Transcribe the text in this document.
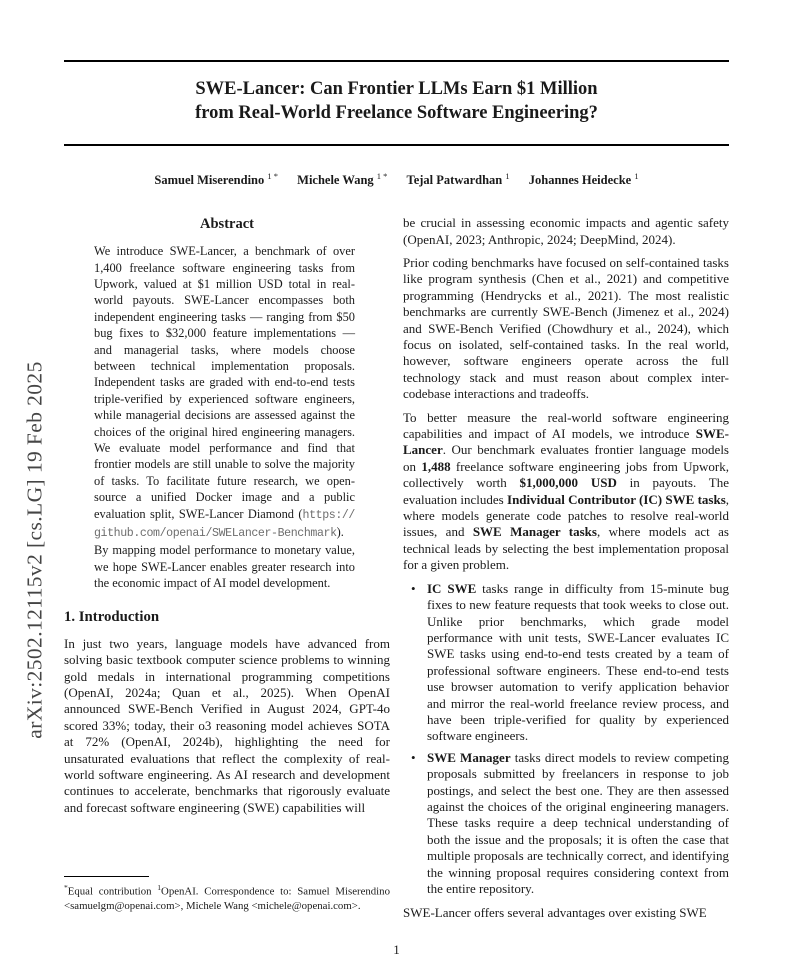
arXiv:2502.12115v2 [cs.LG] 19 Feb 2025
SWE-Lancer: Can Frontier LLMs Earn $1 Million
from Real-World Freelance Software Engineering?
Samuel Miserendino $^{1 *}$ Michele Wang $^{1 *}$ Tejal Patwardhan $^1$ Johannes Heidecke $^1$
Abstract

We introduce SWE-Lancer, a benchmark of over 1,400 freelance software engineering tasks from Upwork, valued at $1 million USD total in real-world payouts. SWE-Lancer encompasses both independent engineering tasks — ranging from $50 bug fixes to $32,000 feature implementations — and managerial tasks, where models choose between technical implementation proposals. Independent tasks are graded with end-to-end tests triple-verified by experienced software engineers, while managerial decisions are assessed against the choices of the original hired engineering managers. We evaluate model performance and find that frontier models are still unable to solve the majority of tasks. To facilitate future research, we open-source a unified Docker image and a public evaluation split, SWE-Lancer Diamond (https://github.com/openai/SWELancer-Benchmark). By mapping model performance to monetary value, we hope SWE-Lancer enables greater research into the economic impact of AI model development.

1. Introduction

In just two years, language models have advanced from solving basic textbook computer science problems to winning gold medals in international programming competitions (OpenAI, 2024a; Quan et al., 2025). When OpenAI announced SWE-Bench Verified in August 2024, GPT-4o scored 33%; today, their o3 reasoning model achieves SOTA at 72% (OpenAI, 2024b), highlighting the need for unsaturated evaluations that reflect the complexity of real-world software engineering. As AI research and development continues to accelerate, benchmarks that rigorously evaluate and forecast software engineering (SWE) capabilities will

*Equal contribution $^1$OpenAI. Correspondence to: Samuel Miserendino <samuelgm@openai.com>, Michele Wang <michele@openai.com>.

be crucial in assessing economic impacts and agentic safety (OpenAI, 2023; Anthropic, 2024; DeepMind, 2024).

Prior coding benchmarks have focused on self-contained tasks like program synthesis (Chen et al., 2021) and competitive programming (Hendrycks et al., 2021). The most realistic benchmarks are currently SWE-Bench (Jimenez et al., 2024) and SWE-Bench Verified (Chowdhury et al., 2024), which focus on isolated, self-contained tasks. In the real world, however, software engineers operate across the full technology stack and must reason about complex inter-codebase interactions and tradeoffs.

To better measure the real-world software engineering capabilities and impact of AI models, we introduce SWE-Lancer. Our benchmark evaluates frontier language models on 1,488 freelance software engineering jobs from Upwork, collectively worth $1,000,000 USD in payouts. The evaluation includes Individual Contributor (IC) SWE tasks, where models generate code patches to resolve real-world issues, and SWE Manager tasks, where models act as technical leads by selecting the best implementation proposal for a given problem.

• IC SWE tasks range in difficulty from 15-minute bug fixes to new feature requests that took weeks to close out. Unlike prior benchmarks, which grade model performance with unit tests, SWE-Lancer evaluates IC SWE tasks using end-to-end tests created by a team of professional software engineers. These end-to-end tests use browser automation to verify application behavior and mirror the real-world freelance review process, and have been triple-verified for quality by experienced software engineers.

• SWE Manager tasks direct models to review competing proposals submitted by freelancers in response to job postings, and select the best one. They are then assessed against the choices of the original engineering managers. These tasks require a deep technical understanding of both the issue and the proposals; it is often the case that multiple proposals are technically correct, and identifying the winning proposal requires considering context from the entire repository.

SWE-Lancer offers several advantages over existing SWE

1
